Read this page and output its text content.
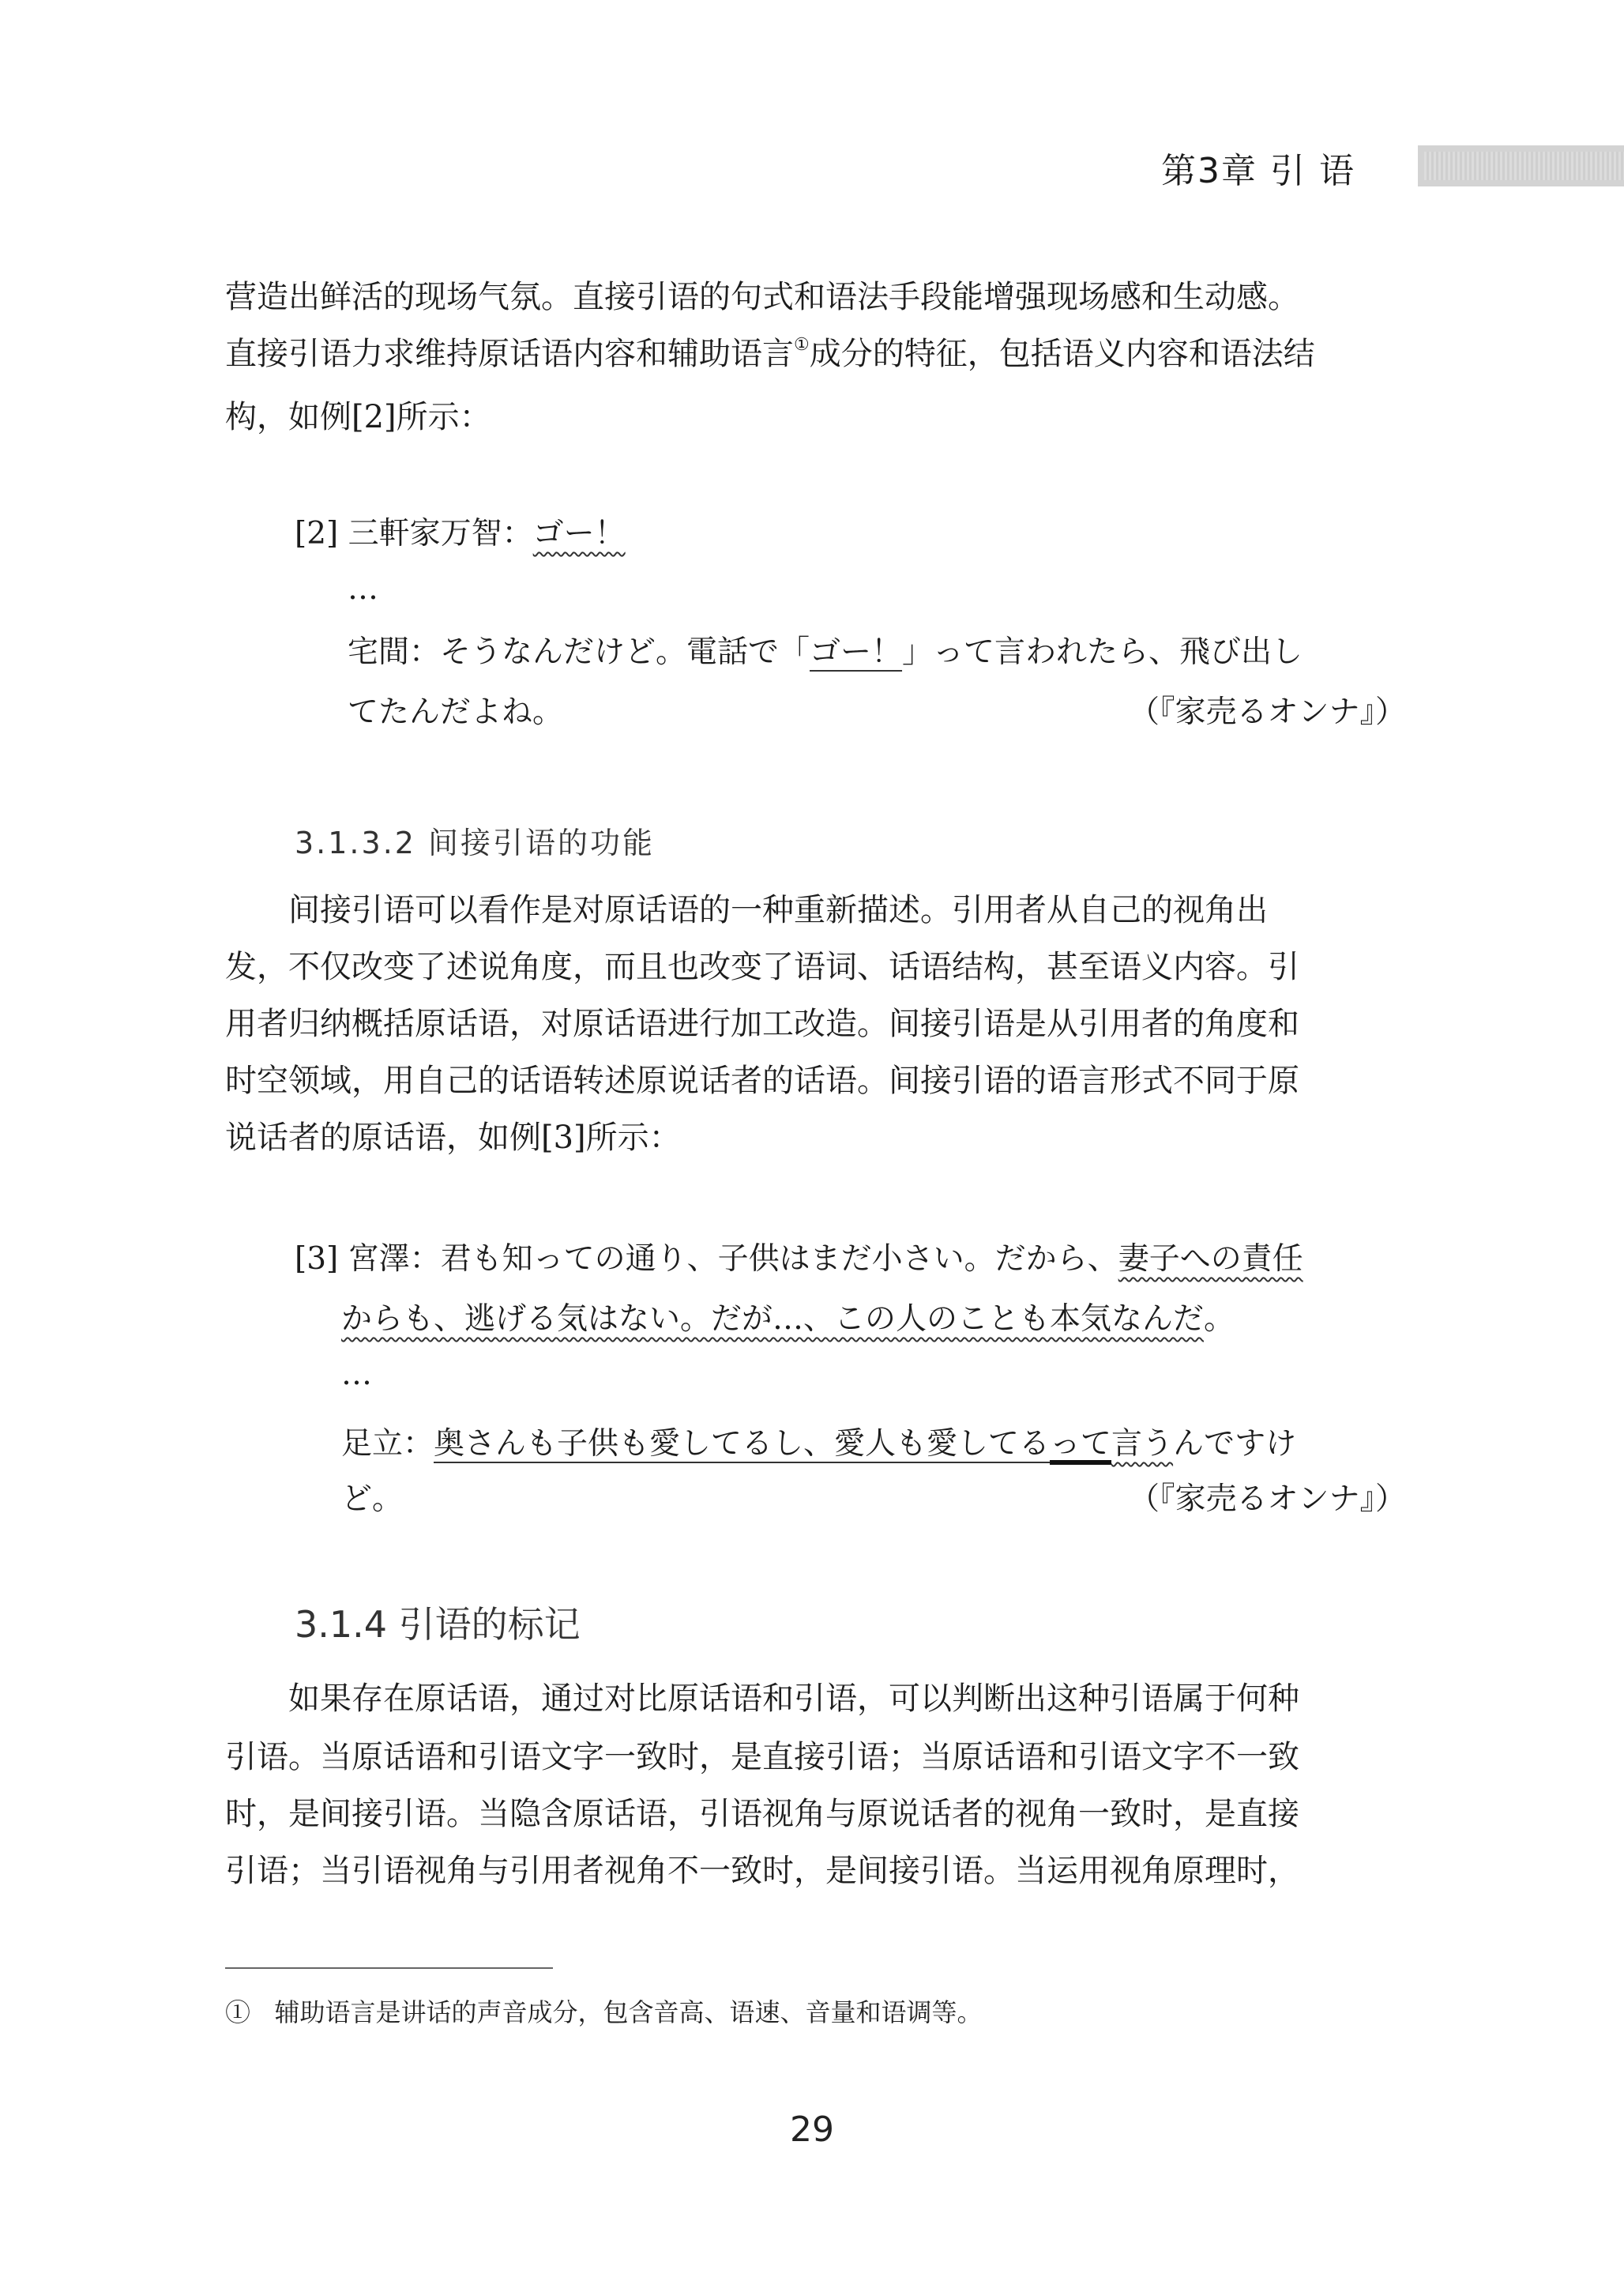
第3章 引 语
营造出鲜活的现场气氛。直接引语的句式和语法手段能增强现场感和生动感。
直接引语力求维持原话语内容和辅助语言①成分的特征，包括语义内容和语法结
构，如例[2]所示：
[2] 三軒家万智：ゴー！
…
宅間：そうなんだけど。電話で「ゴー！」って言われたら、飛び出し
てたんだよね。	（『家売るオンナ』）
3.1.3.2 间接引语的功能
　　间接引语可以看作是对原话语的一种重新描述。引用者从自己的视角出
发，不仅改变了述说角度，而且也改变了语词、话语结构，甚至语义内容。引
用者归纳概括原话语，对原话语进行加工改造。间接引语是从引用者的角度和
时空领域，用自己的话语转述原说话者的话语。间接引语的语言形式不同于原
说话者的原话语，如例[3]所示：
[3] 宮澤：君も知っての通り、子供はまだ小さい。だから、妻子への責任
からも、逃げる気はない。だが…、この人のことも本気なんだ。
…
足立：奥さんも子供も愛してるし、愛人も愛してるって言うんですけ
ど。	（『家売るオンナ』）
3.1.4 引语的标记
　　如果存在原话语，通过对比原话语和引语，可以判断出这种引语属于何种
引语。当原话语和引语文字一致时，是直接引语；当原话语和引语文字不一致
时，是间接引语。当隐含原话语，引语视角与原说话者的视角一致时，是直接
引语；当引语视角与引用者视角不一致时，是间接引语。当运用视角原理时，
① 辅助语言是讲话的声音成分，包含音高、语速、音量和语调等。
29
